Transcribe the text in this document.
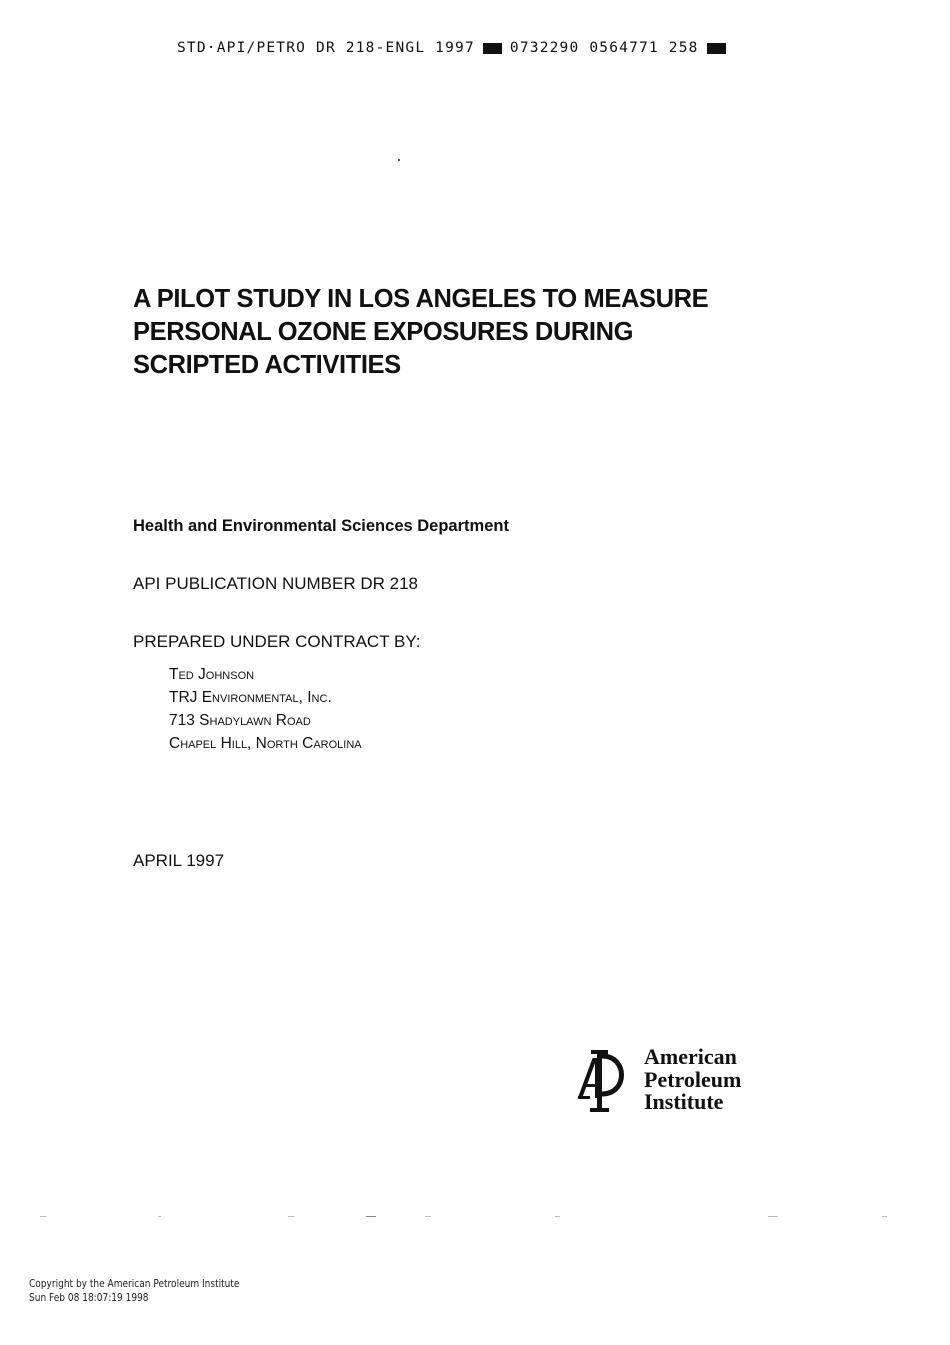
STD·API/PETRO DR 218-ENGL 1997 0732290 0564771 258
A PILOT STUDY IN LOS ANGELES TO MEASURE
PERSONAL OZONE EXPOSURES DURING
SCRIPTED ACTIVITIES
Health and Environmental Sciences Department
API PUBLICATION NUMBER DR 218
PREPARED UNDER CONTRACT BY:
Ted Johnson
TRJ Environmental, Inc.
713 Shadylawn Road
Chapel Hill, North Carolina
APRIL 1997
American
Petroleum
Institute
Copyright by the American Petroleum Institute
Sun Feb 08 18:07:19 1998
